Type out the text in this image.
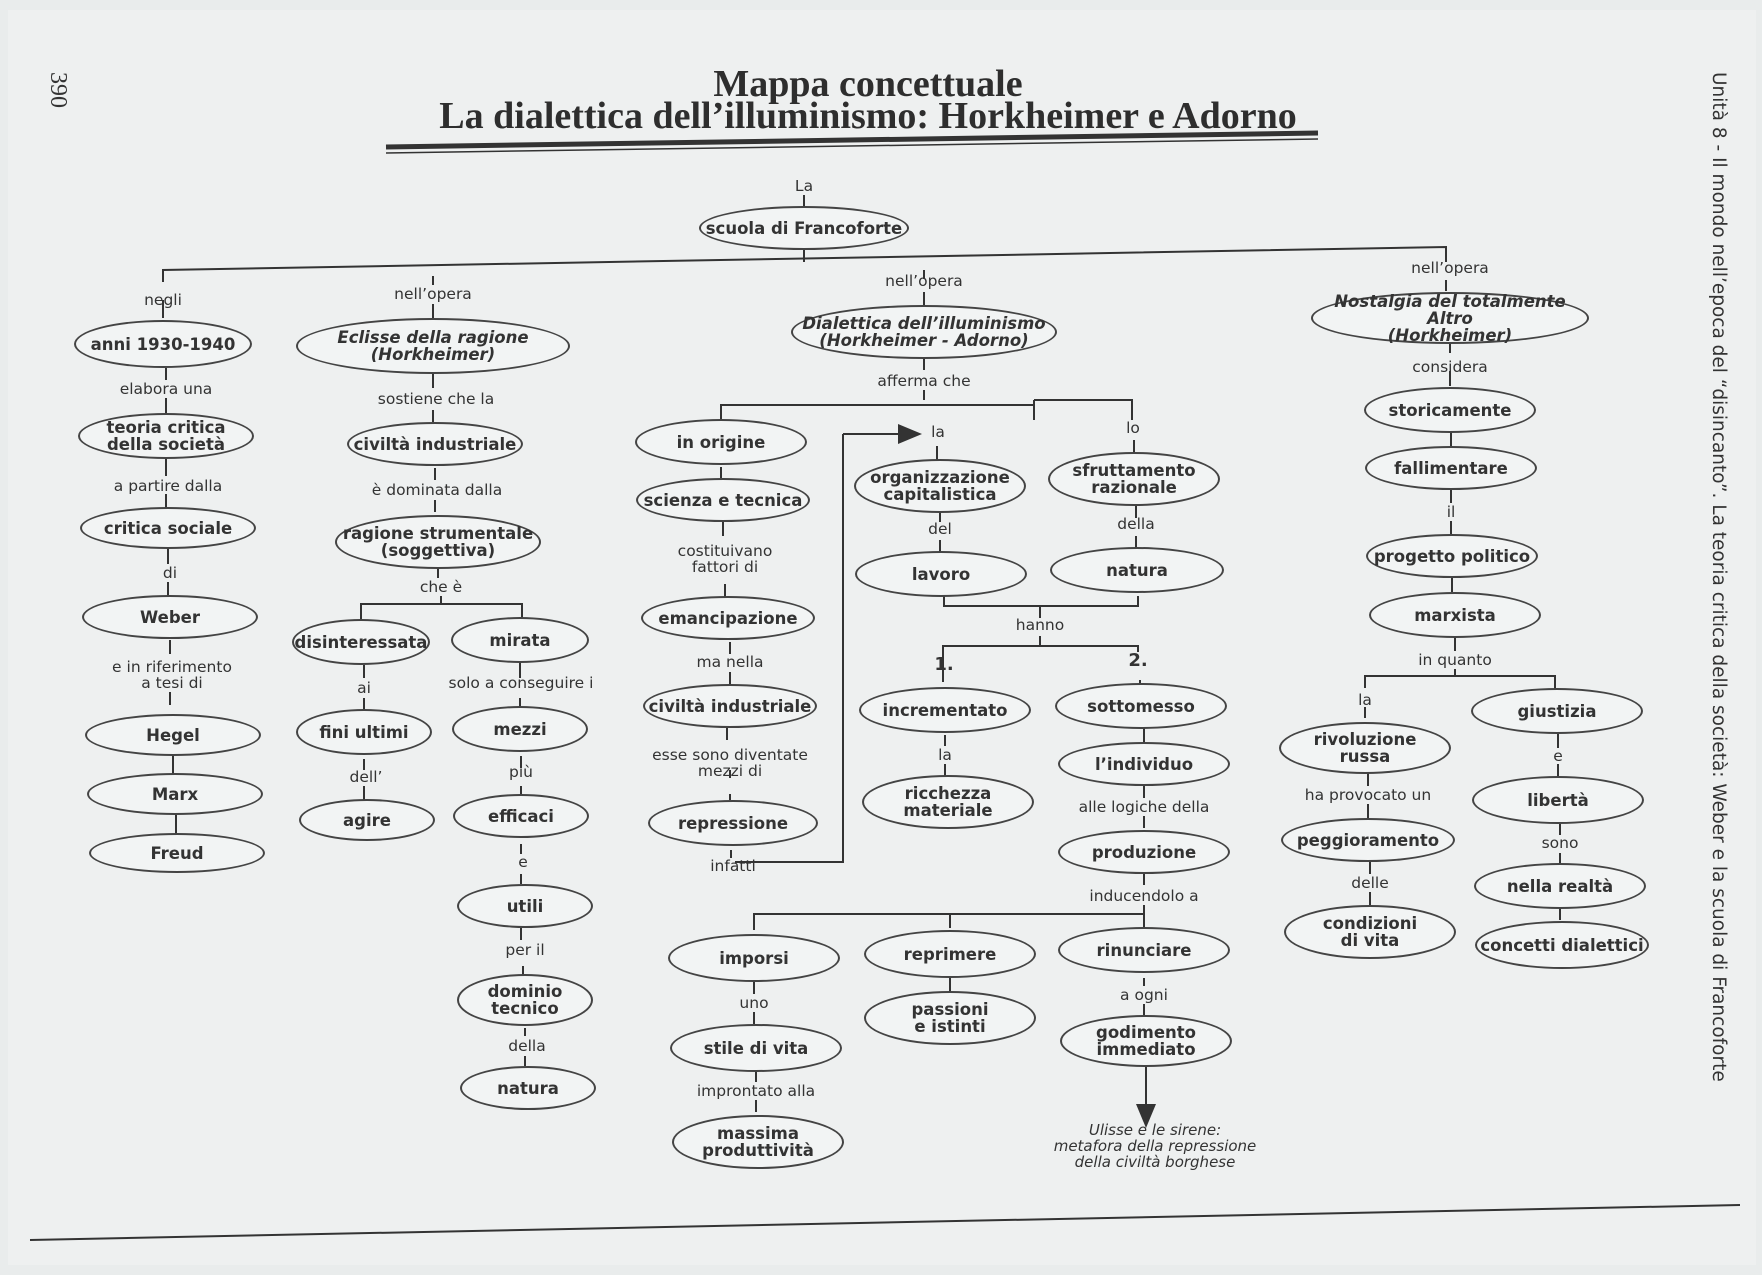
390	Mappa concettuale
La dialettica dell’illuminismo: Horkheimer e Adorno	Unità 8 - Il mondo nell’epoca del “disincanto”. La teoria critica della società: Weber e la scuola di Francoforte
scuola di Francoforte
anni 1930-1940
teoria critica
della società
critica sociale
Weber
Hegel
Marx
Freud
Eclisse della ragione
(Horkheimer)
civiltà industriale
ragione strumentale
(soggettiva)
disinteressata	mirata
fini ultimi
agire
mezzi
efficaci
utili
dominio
tecnico
natura
Dialettica dell’illuminismo
(Horkheimer - Adorno)
in origine
scienza e tecnica
emancipazione
civiltà industriale
repressione
organizzazione
capitalistica
sfruttamento
razionale
lavoro	natura
incrementato	sottomesso
ricchezza
materiale
l’individuo
produzione
imporsi	reprimere	rinunciare
stile di vita
passioni
e istinti	godimento
immediato
massima
produttività
Nostalgia del totalmente Altro
(Horkheimer)
storicamente
fallimentare
progetto politico
marxista
rivoluzione
russa
giustizia
peggioramento
libertà
condizioni
di vita
nella realtà
concetti dialettici
La
negli	nell’opera
nell’opera
nell’opera
elabora una
a partire dalla
di
e in riferimento
a tesi di
sostiene che la
è dominata dalla
che è
ai	solo a conseguire i
dell’	più
e
per il
della
afferma che
costituivano
fattori di
ma nella
esse sono diventate
mezzi di
infatti
la	lo
del	della
hanno
1.	2.
la
alle logiche della
inducendolo a
uno	a ogni
improntato alla
considera
il
in quanto
la
e
ha provocato un
delle
sono
Ulisse e le sirene:
metafora della repressione
della civiltà borghese
